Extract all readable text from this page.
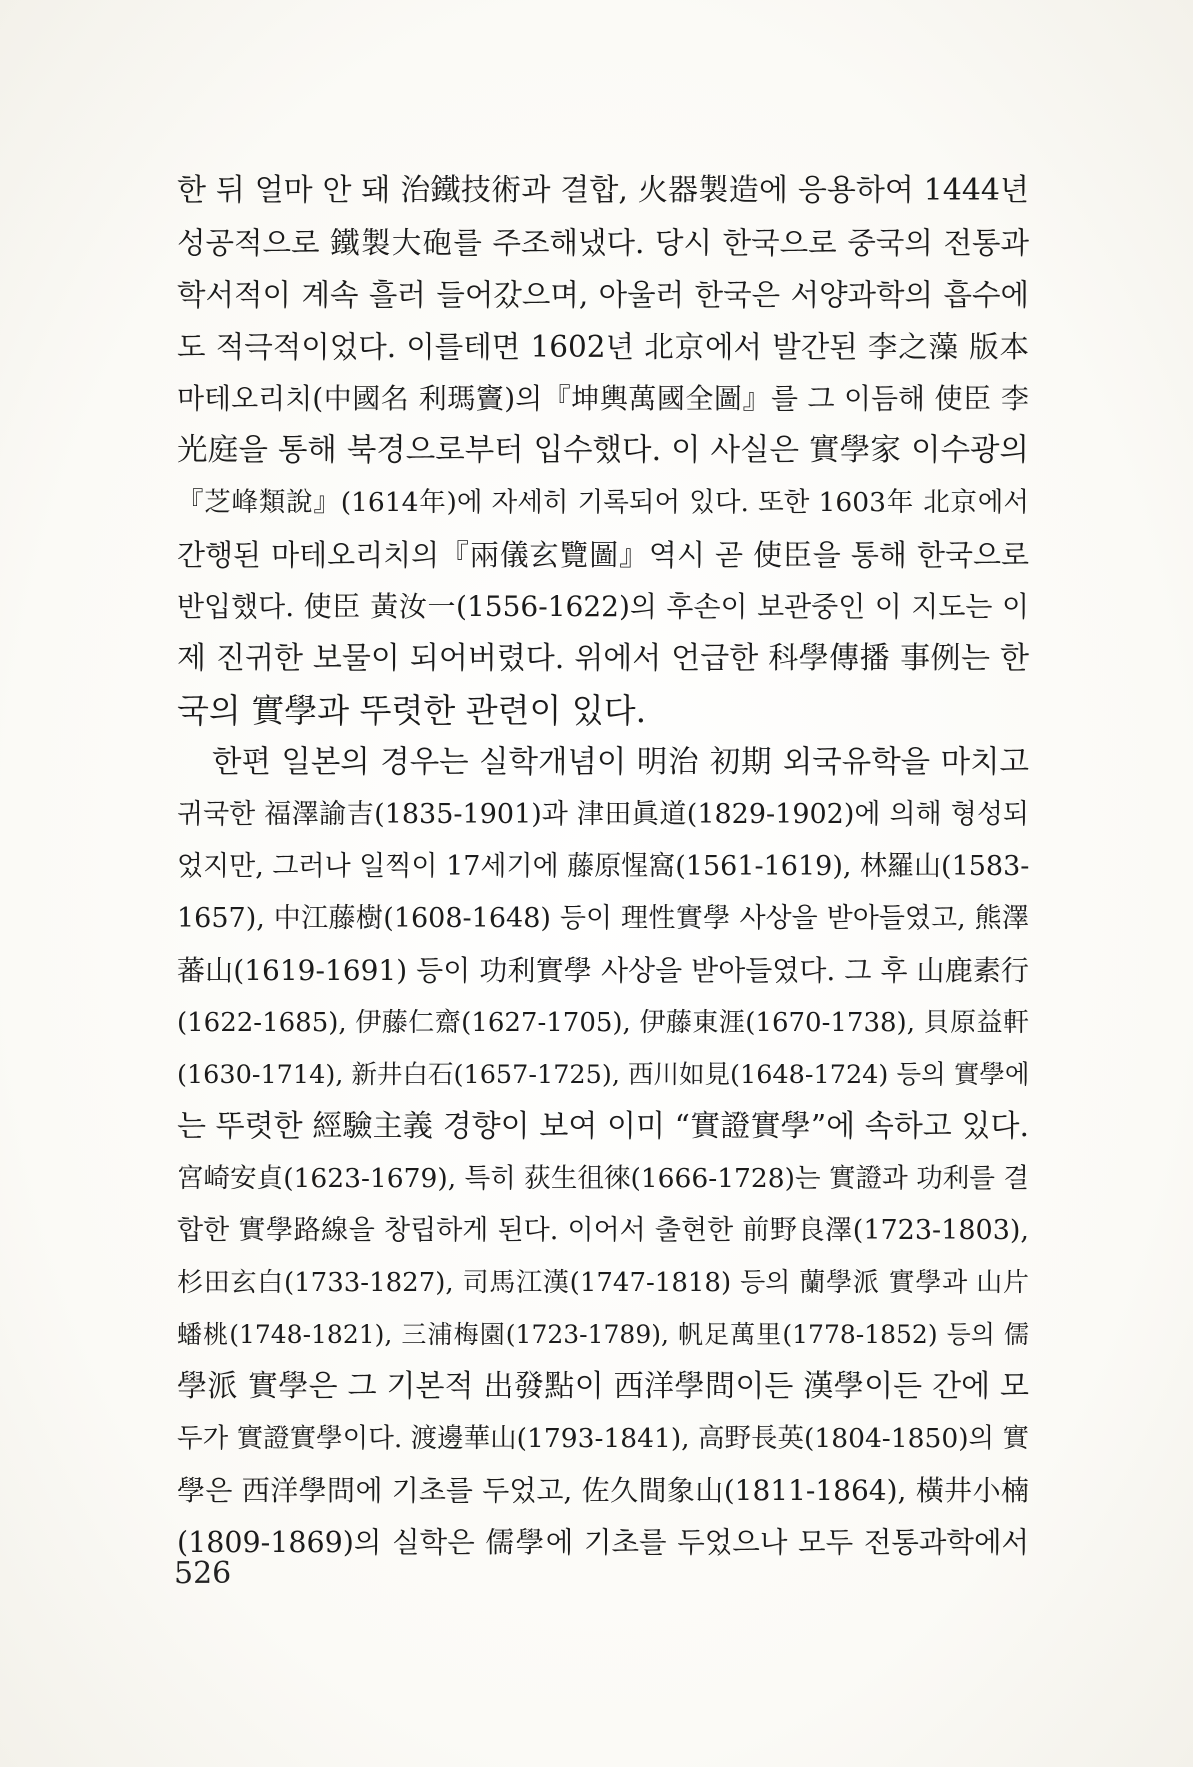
한 뒤 얼마 안 돼 治鐵技術과 결합, 火器製造에 응용하여 1444년
성공적으로 鐵製大砲를 주조해냈다. 당시 한국으로 중국의 전통과
학서적이 계속 흘러 들어갔으며, 아울러 한국은 서양과학의 흡수에
도 적극적이었다. 이를테면 1602년 北京에서 발간된 李之藻 版本
마테오리치(中國名 利瑪竇)의『坤輿萬國全圖』를 그 이듬해 使臣 李
光庭을 통해 북경으로부터 입수했다. 이 사실은 實學家 이수광의
『芝峰類說』(1614年)에 자세히 기록되어 있다. 또한 1603年 北京에서
간행된 마테오리치의『兩儀玄覽圖』역시 곧 使臣을 통해 한국으로
반입했다. 使臣 黃汝一(1556-1622)의 후손이 보관중인 이 지도는 이
제 진귀한 보물이 되어버렸다. 위에서 언급한 科學傳播 事例는 한
국의 實學과 뚜렷한 관련이 있다.
한편 일본의 경우는 실학개념이 明治 初期 외국유학을 마치고
귀국한 福澤諭吉(1835-1901)과 津田眞道(1829-1902)에 의해 형성되
었지만, 그러나 일찍이 17세기에 藤原惺窩(1561-1619), 林羅山(1583-
1657), 中江藤樹(1608-1648) 등이 理性實學 사상을 받아들였고, 熊澤
蕃山(1619-1691) 등이 功利實學 사상을 받아들였다. 그 후 山鹿素行
(1622-1685), 伊藤仁齋(1627-1705), 伊藤東涯(1670-1738), 貝原益軒
(1630-1714), 新井白石(1657-1725), 西川如見(1648-1724) 등의 實學에
는 뚜렷한 經驗主義 경향이 보여 이미 “實證實學”에 속하고 있다.
宮崎安貞(1623-1679), 특히 荻生徂徠(1666-1728)는 實證과 功利를 결
합한 實學路線을 창립하게 된다. 이어서 출현한 前野良澤(1723-1803),
杉田玄白(1733-1827), 司馬江漢(1747-1818) 등의 蘭學派 實學과 山片
蟠桃(1748-1821), 三浦梅園(1723-1789), 帆足萬里(1778-1852) 등의 儒
學派 實學은 그 기본적 出發點이 西洋學問이든 漢學이든 간에 모
두가 實證實學이다. 渡邊華山(1793-1841), 高野長英(1804-1850)의 實
學은 西洋學問에 기초를 두었고, 佐久間象山(1811-1864), 橫井小楠
(1809-1869)의 실학은 儒學에 기초를 두었으나 모두 전통과학에서
526
